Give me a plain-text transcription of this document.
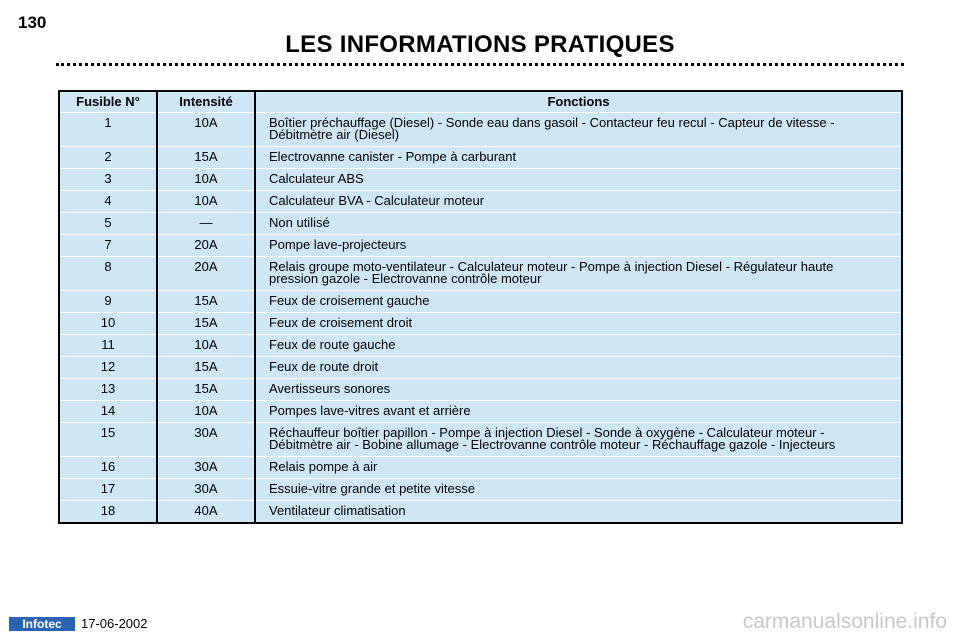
130
LES INFORMATIONS PRATIQUES
Fusible N°	Intensité	Fonctions
1	10A	Boîtier préchauffage (Diesel) - Sonde eau dans gasoil - Contacteur feu recul - Capteur de vitesse - Débitmètre air (Diesel)
2	15A	Electrovanne canister - Pompe à carburant
3	10A	Calculateur ABS
4	10A	Calculateur BVA - Calculateur moteur
5	—	Non utilisé
7	20A	Pompe lave-projecteurs
8	20A	Relais groupe moto-ventilateur - Calculateur moteur - Pompe à injection Diesel - Régulateur haute pression gazole - Electrovanne contrôle moteur
9	15A	Feux de croisement gauche
10	15A	Feux de croisement droit
11	10A	Feux de route gauche
12	15A	Feux de route droit
13	15A	Avertisseurs sonores
14	10A	Pompes lave-vitres avant et arrière
15	30A	Réchauffeur boîtier papillon - Pompe à injection Diesel - Sonde à oxygène - Calculateur moteur - Débitmètre air - Bobine allumage - Electrovanne contrôle moteur - Réchauffage gazole - Injecteurs
16	30A	Relais pompe à air
17	30A	Essuie-vitre grande et petite vitesse
18	40A	Ventilateur climatisation
Infotec	17-06-2002	carmanualsonline.info
